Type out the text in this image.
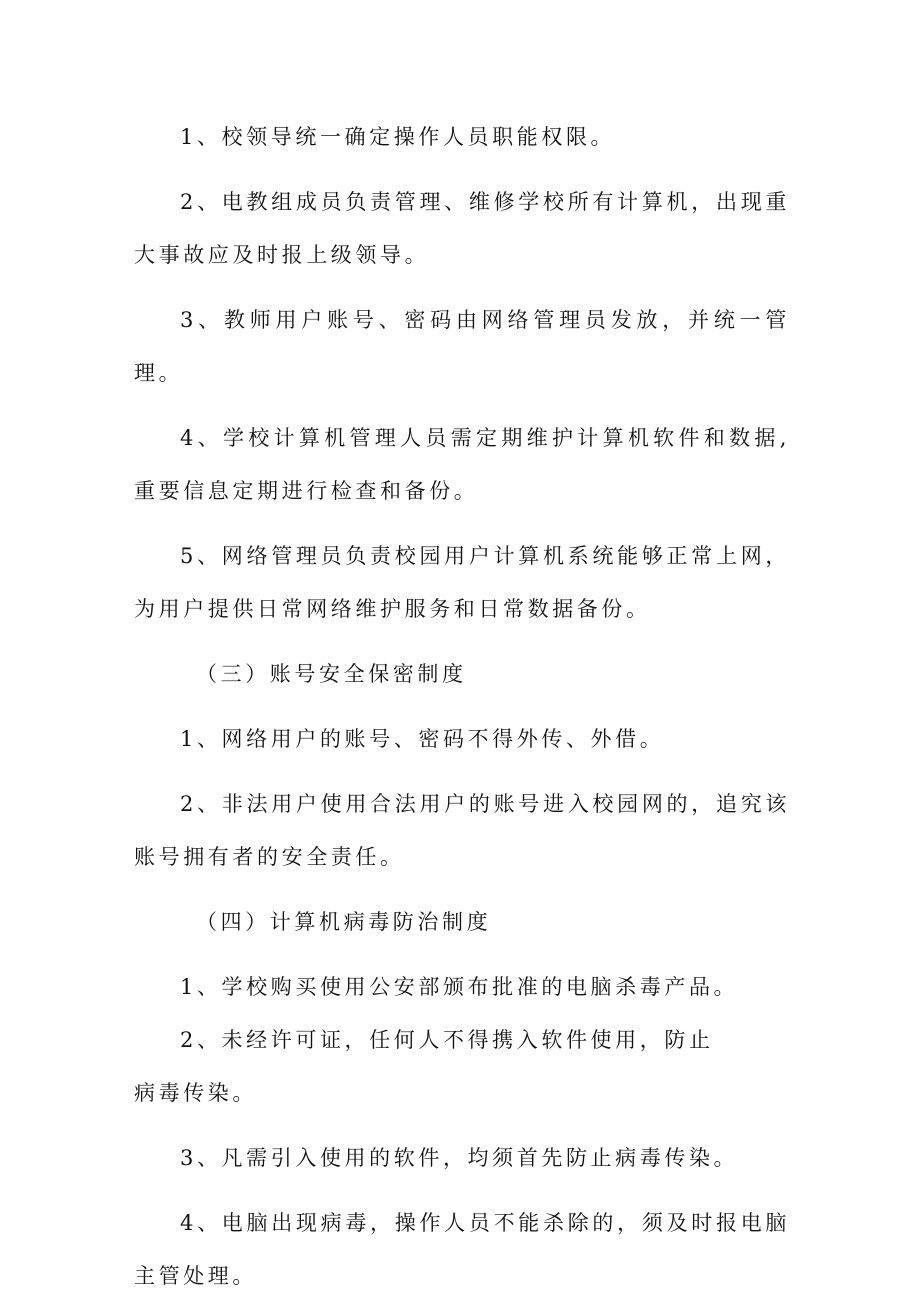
1、校领导统一确定操作人员职能权限。

2、电教组成员负责管理、维修学校所有计算机，出现重大事故应及时报上级领导。

3、教师用户账号、密码由网络管理员发放，并统一管理。

4、学校计算机管理人员需定期维护计算机软件和数据,重要信息定期进行检查和备份。

5、网络管理员负责校园用户计算机系统能够正常上网，为用户提供日常网络维护服务和日常数据备份。

（三）账号安全保密制度

1、网络用户的账号、密码不得外传、外借。

2、非法用户使用合法用户的账号进入校园网的，追究该账号拥有者的安全责任。

（四）计算机病毒防治制度

1、学校购买使用公安部颁布批准的电脑杀毒产品。

2、未经许可证，任何人不得携入软件使用，防止病毒传染。

3、凡需引入使用的软件，均须首先防止病毒传染。

4、电脑出现病毒，操作人员不能杀除的，须及时报电脑主管处理。
